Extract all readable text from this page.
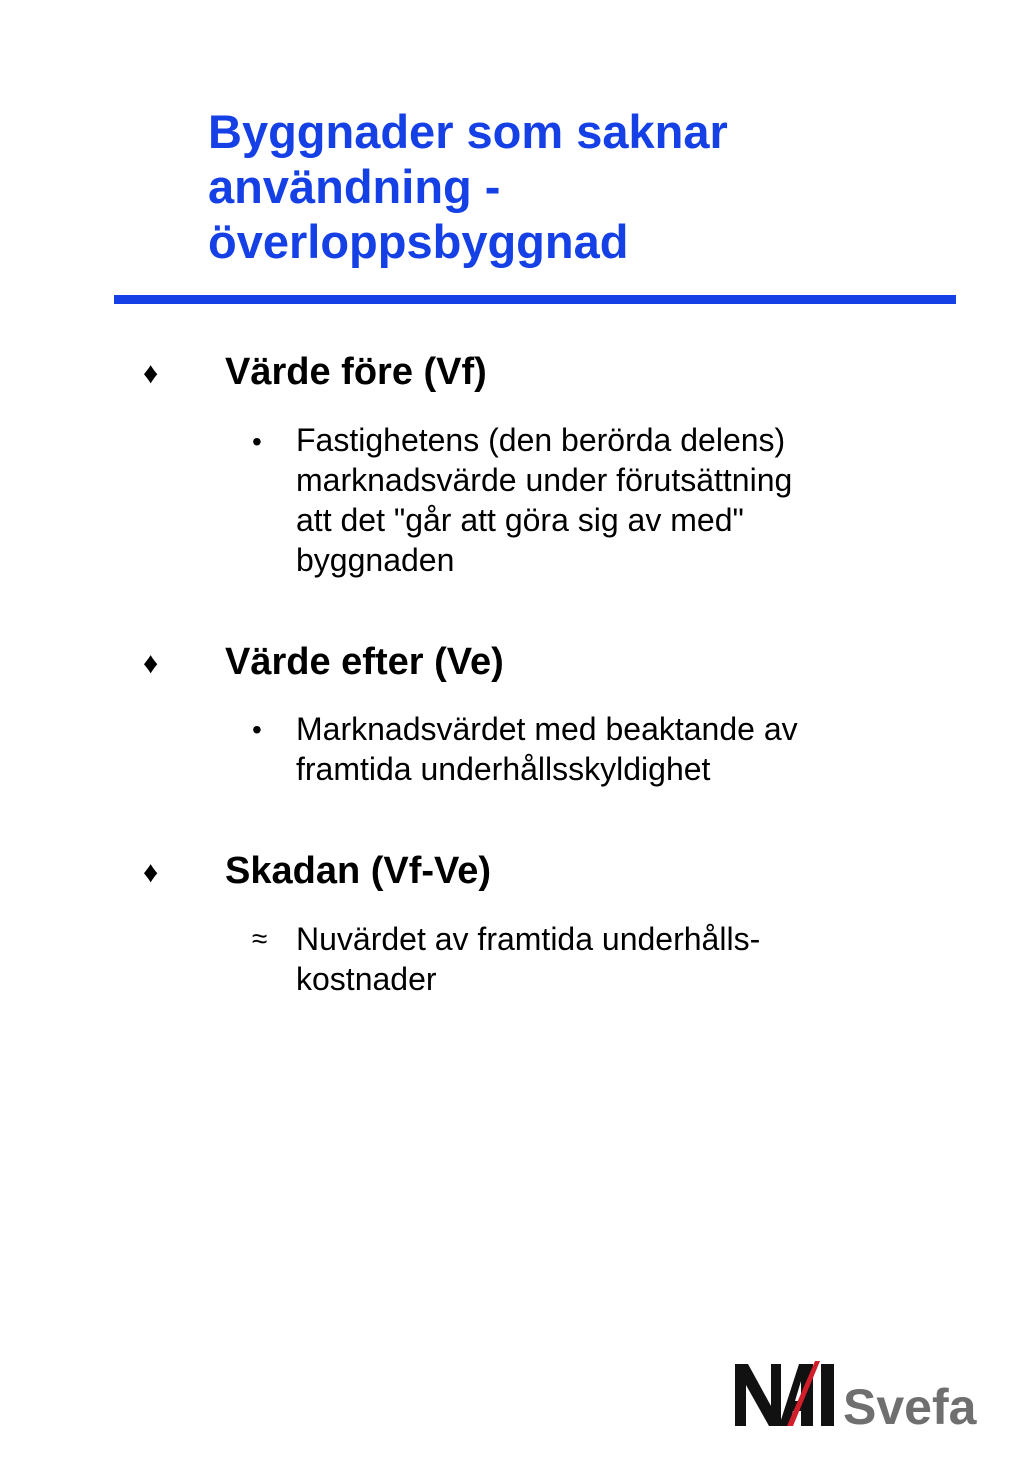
Byggnader som saknar
användning -
överloppsbyggnad
♦ Värde före (Vf)
• Fastighetens (den berörda delens)
marknadsvärde under förutsättning
att det "går att göra sig av med"
byggnaden
♦ Värde efter (Ve)
• Marknadsvärdet med beaktande av
framtida underhållsskyldighet
♦ Skadan (Vf-Ve)
≈ Nuvärdet av framtida underhålls-
kostnader
Svefa
